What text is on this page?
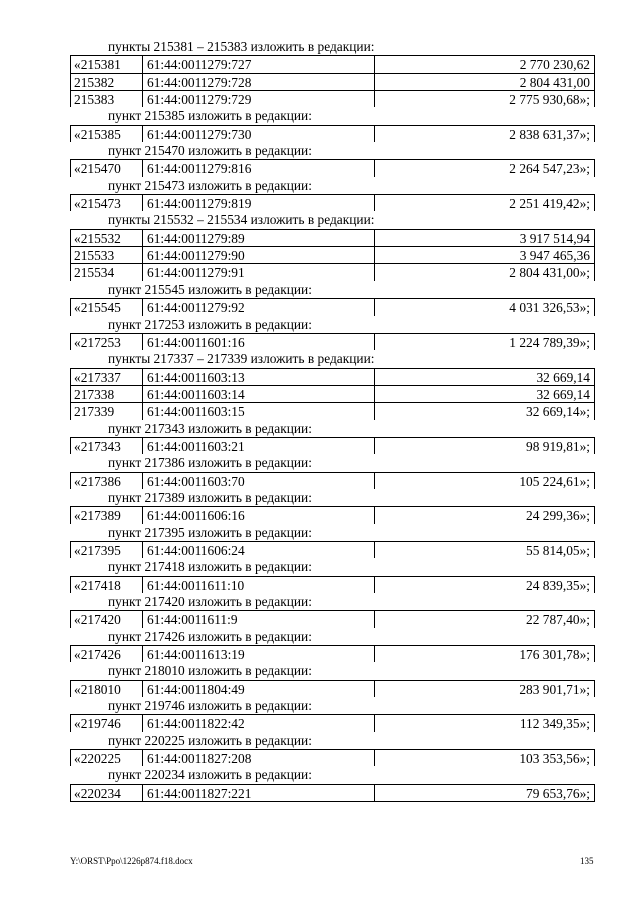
пункты 215381 – 215383 изложить в редакции:
«215381	61:44:0011279:727	2 770 230,62
215382	61:44:0011279:728	2 804 431,00
215383	61:44:0011279:729	2 775 930,68»;
пункт 215385 изложить в редакции:
«215385	61:44:0011279:730	2 838 631,37»;
пункт 215470 изложить в редакции:
«215470	61:44:0011279:816	2 264 547,23»;
пункт 215473 изложить в редакции:
«215473	61:44:0011279:819	2 251 419,42»;
пункты 215532 – 215534 изложить в редакции:
«215532	61:44:0011279:89	3 917 514,94
215533	61:44:0011279:90	3 947 465,36
215534	61:44:0011279:91	2 804 431,00»;
пункт 215545 изложить в редакции:
«215545	61:44:0011279:92	4 031 326,53»;
пункт 217253 изложить в редакции:
«217253	61:44:0011601:16	1 224 789,39»;
пункты 217337 – 217339 изложить в редакции:
«217337	61:44:0011603:13	32 669,14
217338	61:44:0011603:14	32 669,14
217339	61:44:0011603:15	32 669,14»;
пункт 217343 изложить в редакции:
«217343	61:44:0011603:21	98 919,81»;
пункт 217386 изложить в редакции:
«217386	61:44:0011603:70	105 224,61»;
пункт 217389 изложить в редакции:
«217389	61:44:0011606:16	24 299,36»;
пункт 217395 изложить в редакции:
«217395	61:44:0011606:24	55 814,05»;
пункт 217418 изложить в редакции:
«217418	61:44:0011611:10	24 839,35»;
пункт 217420 изложить в редакции:
«217420	61:44:0011611:9	22 787,40»;
пункт 217426 изложить в редакции:
«217426	61:44:0011613:19	176 301,78»;
пункт 218010 изложить в редакции:
«218010	61:44:0011804:49	283 901,71»;
пункт 219746 изложить в редакции:
«219746	61:44:0011822:42	112 349,35»;
пункт 220225 изложить в редакции:
«220225	61:44:0011827:208	103 353,56»;
пункт 220234 изложить в редакции:
«220234	61:44:0011827:221	79 653,76»;
Y:\ORST\Ppo\1226p874.f18.docx	135
